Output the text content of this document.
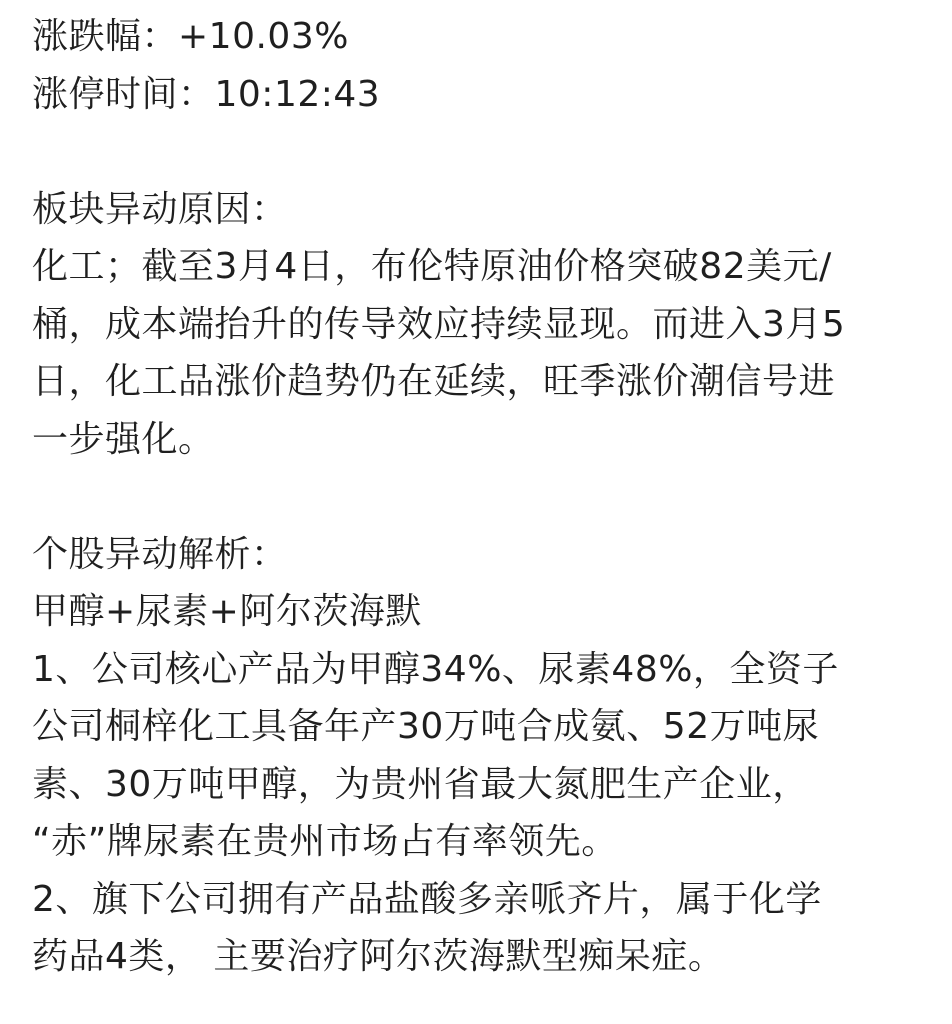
涨跌幅：+10.03%
涨停时间：10:12:43
板块异动原因：
化工；截至3月4日，布伦特原油价格突破82美元/
桶，成本端抬升的传导效应持续显现。而进入3月5
日，化工品涨价趋势仍在延续，旺季涨价潮信号进
一步强化。
个股异动解析：
甲醇+尿素+阿尔茨海默
1、公司核心产品为甲醇34%、尿素48%，全资子
公司桐梓化工具备年产30万吨合成氨、52万吨尿
素、30万吨甲醇，为贵州省最大氮肥生产企业，
“赤”牌尿素在贵州市场占有率领先。
2、旗下公司拥有产品盐酸多亲哌齐片，属于化学
药品4类， 主要治疗阿尔茨海默型痴呆症。
